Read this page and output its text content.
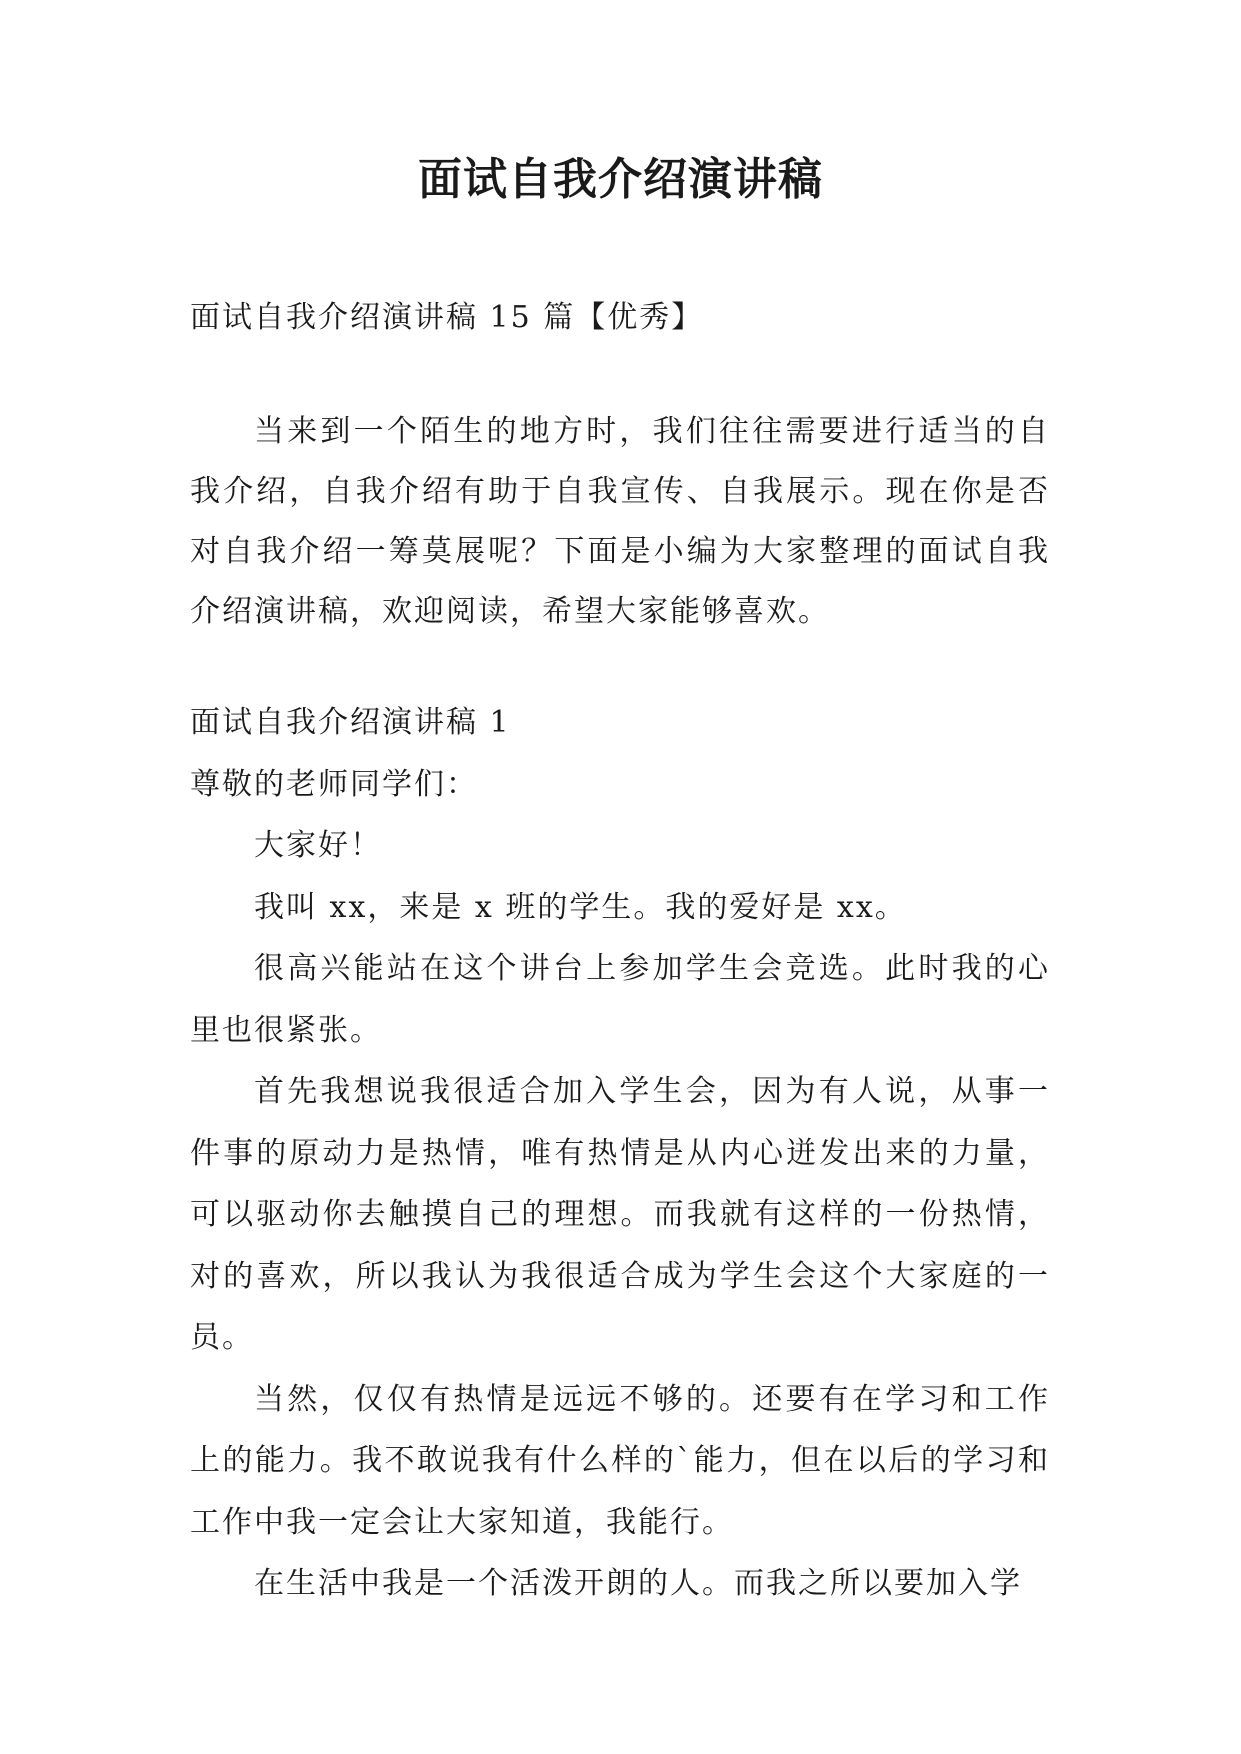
面试自我介绍演讲稿
面试自我介绍演讲稿 15 篇【优秀】
当来到一个陌生的地方时，我们往往需要进行适当的自我介绍，自我介绍有助于自我宣传、自我展示。现在你是否对自我介绍一筹莫展呢？下面是小编为大家整理的面试自我介绍演讲稿，欢迎阅读，希望大家能够喜欢。

面试自我介绍演讲稿 1

尊敬的老师同学们：

大家好！

我叫 xx，来是 x 班的学生。我的爱好是 xx。

很高兴能站在这个讲台上参加学生会竞选。此时我的心里也很紧张。

首先我想说我很适合加入学生会，因为有人说，从事一件事的原动力是热情，唯有热情是从内心迸发出来的力量，可以驱动你去触摸自己的理想。而我就有这样的一份热情，对的喜欢，所以我认为我很适合成为学生会这个大家庭的一员。

当然，仅仅有热情是远远不够的。还要有在学习和工作上的能力。我不敢说我有什么样的`能力，但在以后的学习和工作中我一定会让大家知道，我能行。

在生活中我是一个活泼开朗的人。而我之所以要加入学
